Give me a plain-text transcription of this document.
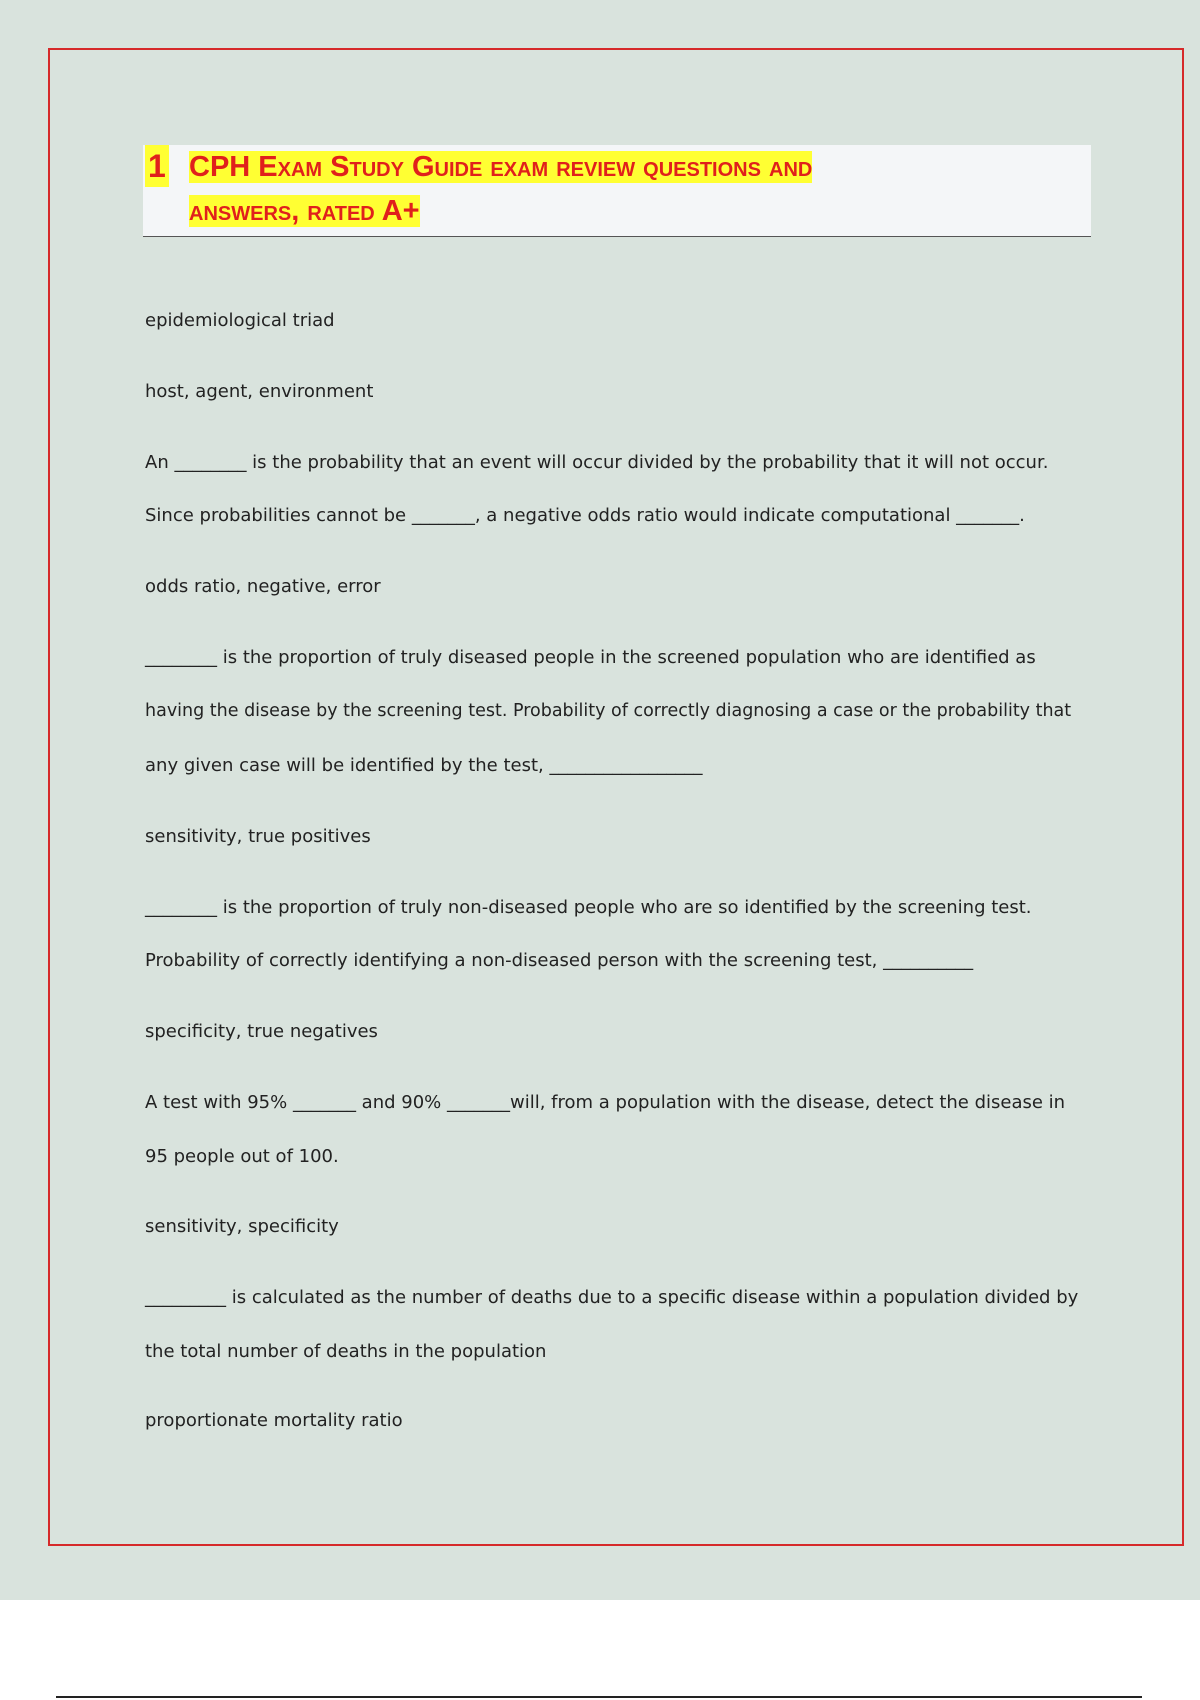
1 CPH Exam Study Guide exam review questions and
answers, rated A+
epidemiological triad
host, agent, environment
An ________ is the probability that an event will occur divided by the probability that it will not occur.
Since probabilities cannot be _______, a negative odds ratio would indicate computational _______.
odds ratio, negative, error
________ is the proportion of truly diseased people in the screened population who are identified as
having the disease by the screening test. Probability of correctly diagnosing a case or the probability that
any given case will be identified by the test, _________________
sensitivity, true positives
________ is the proportion of truly non-diseased people who are so identified by the screening test.
Probability of correctly identifying a non-diseased person with the screening test, __________
specificity, true negatives
A test with 95% _______ and 90% _______will, from a population with the disease, detect the disease in
95 people out of 100.
sensitivity, specificity
_________ is calculated as the number of deaths due to a specific disease within a population divided by
the total number of deaths in the population
proportionate mortality ratio
